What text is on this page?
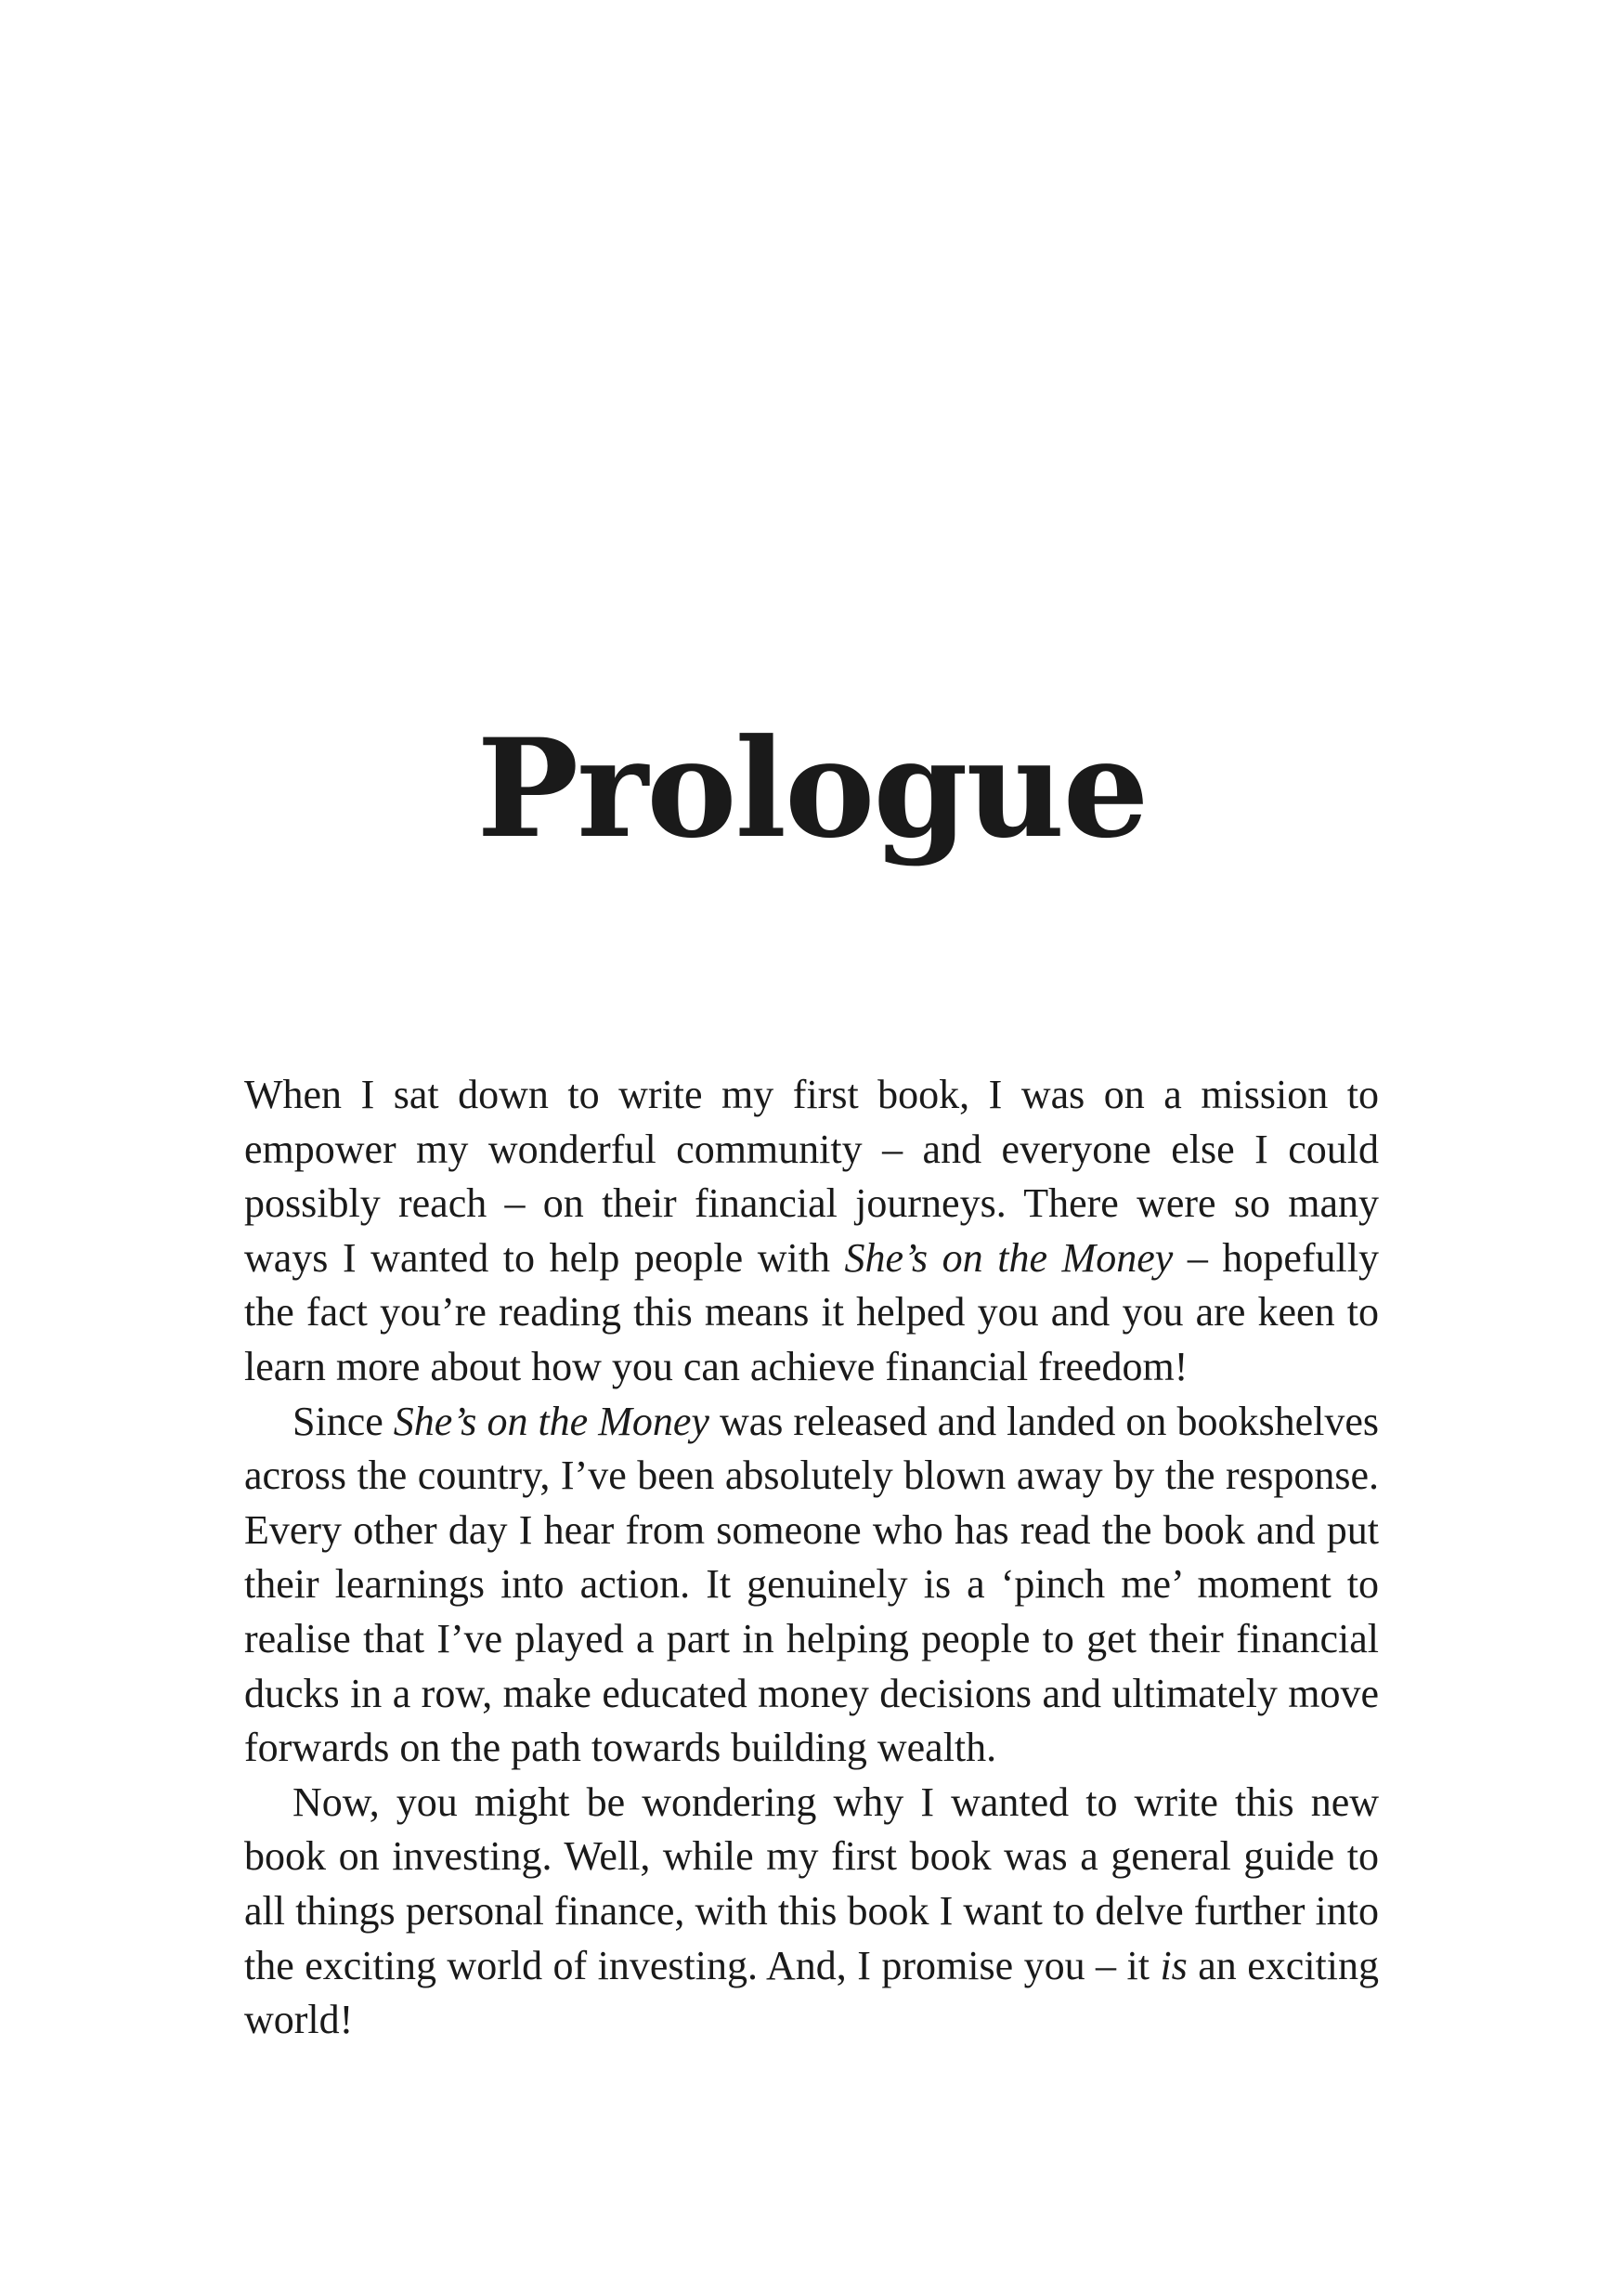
Prologue

When I sat down to write my first book, I was on a mission to empower my wonderful community – and everyone else I could possibly reach – on their financial journeys. There were so many ways I wanted to help people with She’s on the Money – hopefully the fact you’re reading this means it helped you and you are keen to learn more about how you can achieve financial freedom!

Since She’s on the Money was released and landed on bookshelves across the country, I’ve been absolutely blown away by the response. Every other day I hear from someone who has read the book and put their learnings into action. It genuinely is a ‘pinch me’ moment to realise that I’ve played a part in helping people to get their financial ducks in a row, make educated money decisions and ultimately move forwards on the path towards building wealth.

Now, you might be wondering why I wanted to write this new book on investing. Well, while my first book was a general guide to all things personal finance, with this book I want to delve further into the exciting world of investing. And, I promise you – it is an exciting world!
